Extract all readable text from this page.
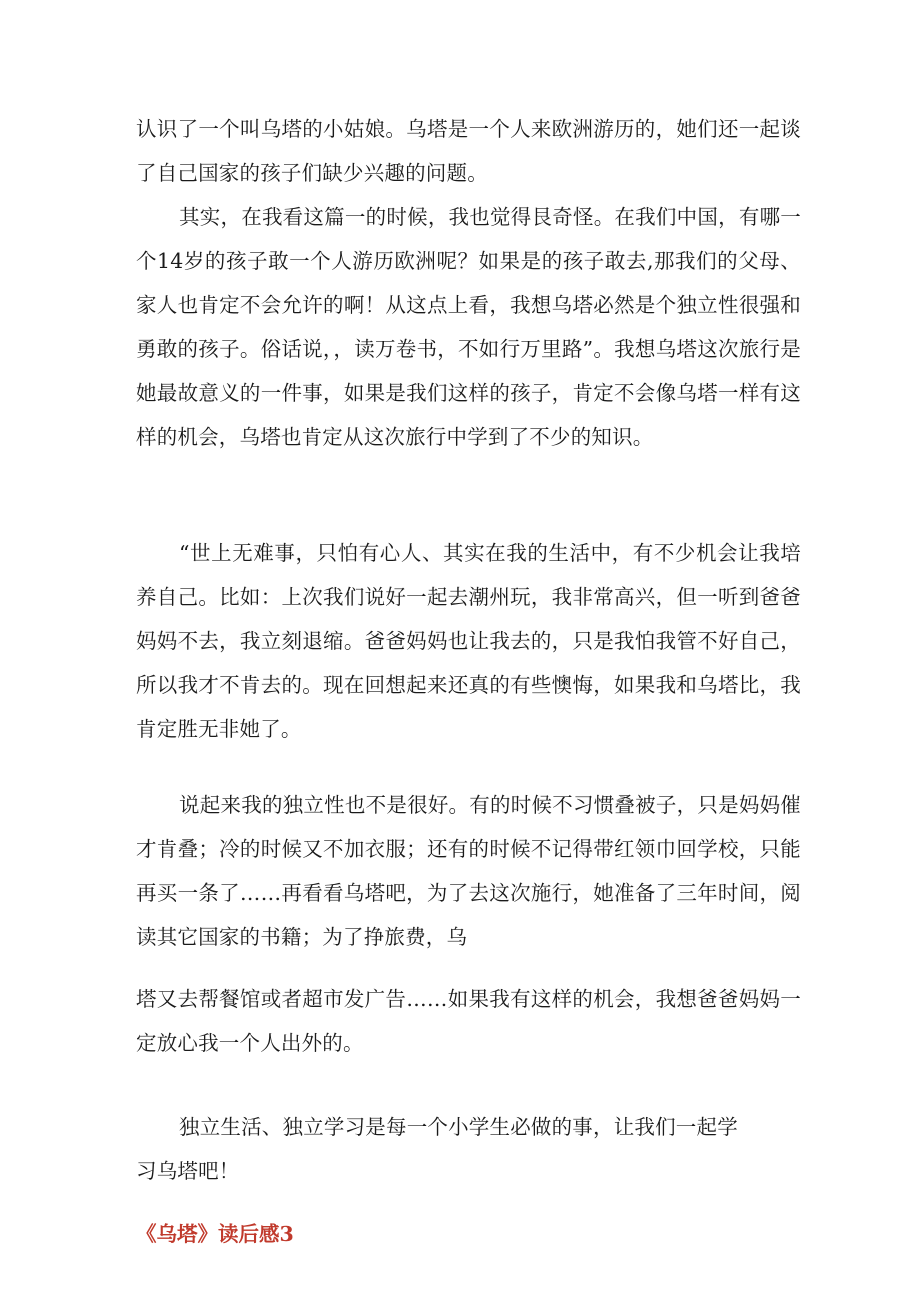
认识了一个叫乌塔的小姑娘。乌塔是一个人来欧洲游历的，她们还一起谈了自己国家的孩子们缺少兴趣的问题。

其实，在我看这篇一的时候，我也觉得艮奇怪。在我们中国，有哪一个14岁的孩子敢一个人游历欧洲呢？如果是的孩子敢去,那我们的父母、家人也肯定不会允许的啊！从这点上看，我想乌塔必然是个独立性很强和勇敢的孩子。俗话说，，读万卷书，不如行万里路”。我想乌塔这次旅行是她最故意义的一件事，如果是我们这样的孩子，肯定不会像乌塔一样有这样的机会，乌塔也肯定从这次旅行中学到了不少的知识。

“世上无难事，只怕有心人、其实在我的生活中，有不少机会让我培养自己。比如：上次我们说好一起去潮州玩，我非常高兴，但一听到爸爸妈妈不去，我立刻退缩。爸爸妈妈也让我去的，只是我怕我管不好自己，所以我才不肯去的。现在回想起来还真的有些懊悔，如果我和乌塔比，我肯定胜无非她了。

说起来我的独立性也不是很好。有的时候不习惯叠被子，只是妈妈催才肯叠；冷的时候又不加衣服；还有的时候不记得带红领巾回学校，只能再买一条了……再看看乌塔吧，为了去这次施行，她准备了三年时间，阅读其它国家的书籍；为了挣旅费，乌

塔又去帮餐馆或者超市发广告……如果我有这样的机会，我想爸爸妈妈一定放心我一个人出外的。

独立生活、独立学习是每一个小学生必做的事，让我们一起学

习乌塔吧！

《乌塔》读后感3
